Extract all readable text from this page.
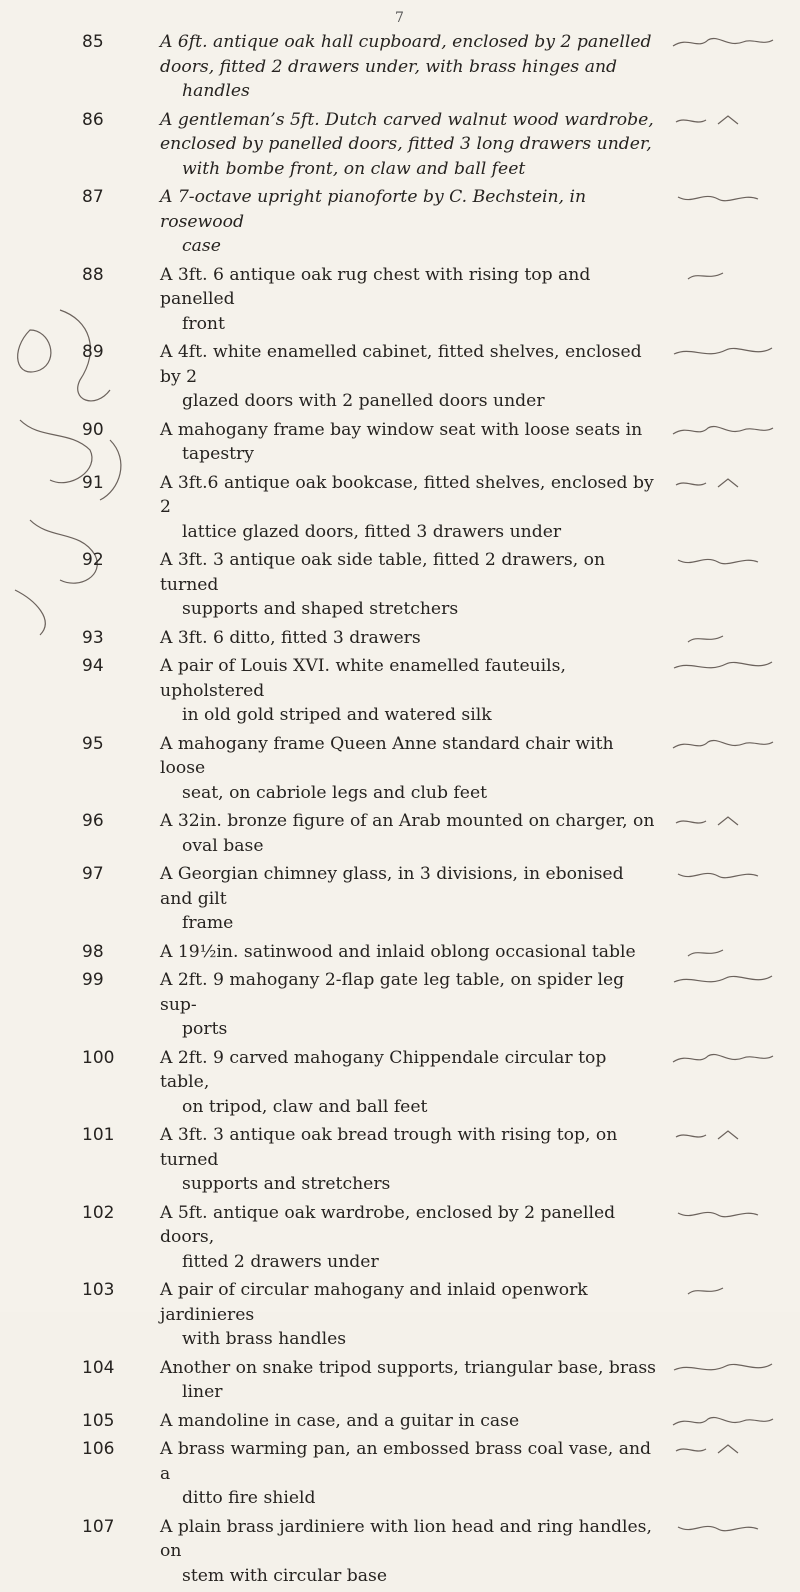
7
85	A 6ft. antique oak hall cupboard, enclosed by 2 panelled doors, fitted 2 drawers under, with brass hinges and
handles
86	A gentleman’s 5ft. Dutch carved walnut wood wardrobe, enclosed by panelled doors, fitted 3 long drawers under,
with bombe front, on claw and ball feet
87	A 7-octave upright pianoforte by C. Bechstein, in rosewood
case
88	A 3ft. 6 antique oak rug chest with rising top and panelled
front
89	A 4ft. white enamelled cabinet, fitted shelves, enclosed by 2
glazed doors with 2 panelled doors under
90	A mahogany frame bay window seat with loose seats in
tapestry
91	A 3ft.6 antique oak bookcase, fitted shelves, enclosed by 2
lattice glazed doors, fitted 3 drawers under
92	A 3ft. 3 antique oak side table, fitted 2 drawers, on turned
supports and shaped stretchers
93	A 3ft. 6 ditto, fitted 3 drawers
94	A pair of Louis XVI. white enamelled fauteuils, upholstered
in old gold striped and watered silk
95	A mahogany frame Queen Anne standard chair with loose
seat, on cabriole legs and club feet
96	A 32in. bronze figure of an Arab mounted on charger, on
oval base
97	A Georgian chimney glass, in 3 divisions, in ebonised and gilt
frame
98	A 19½in. satinwood and inlaid oblong occasional table
99	A 2ft. 9 mahogany 2-flap gate leg table, on spider leg sup-
ports
100	A 2ft. 9 carved mahogany Chippendale circular top table,
on tripod, claw and ball feet
101	A 3ft. 3 antique oak bread trough with rising top, on turned
supports and stretchers
102	A 5ft. antique oak wardrobe, enclosed by 2 panelled doors,
fitted 2 drawers under
103	A pair of circular mahogany and inlaid openwork jardinieres
with brass handles
104	Another on snake tripod supports, triangular base, brass
liner
105	A mandoline in case, and a guitar in case
106	A brass warming pan, an embossed brass coal vase, and a
ditto fire shield
107	A plain brass jardiniere with lion head and ring handles, on
stem with circular base
